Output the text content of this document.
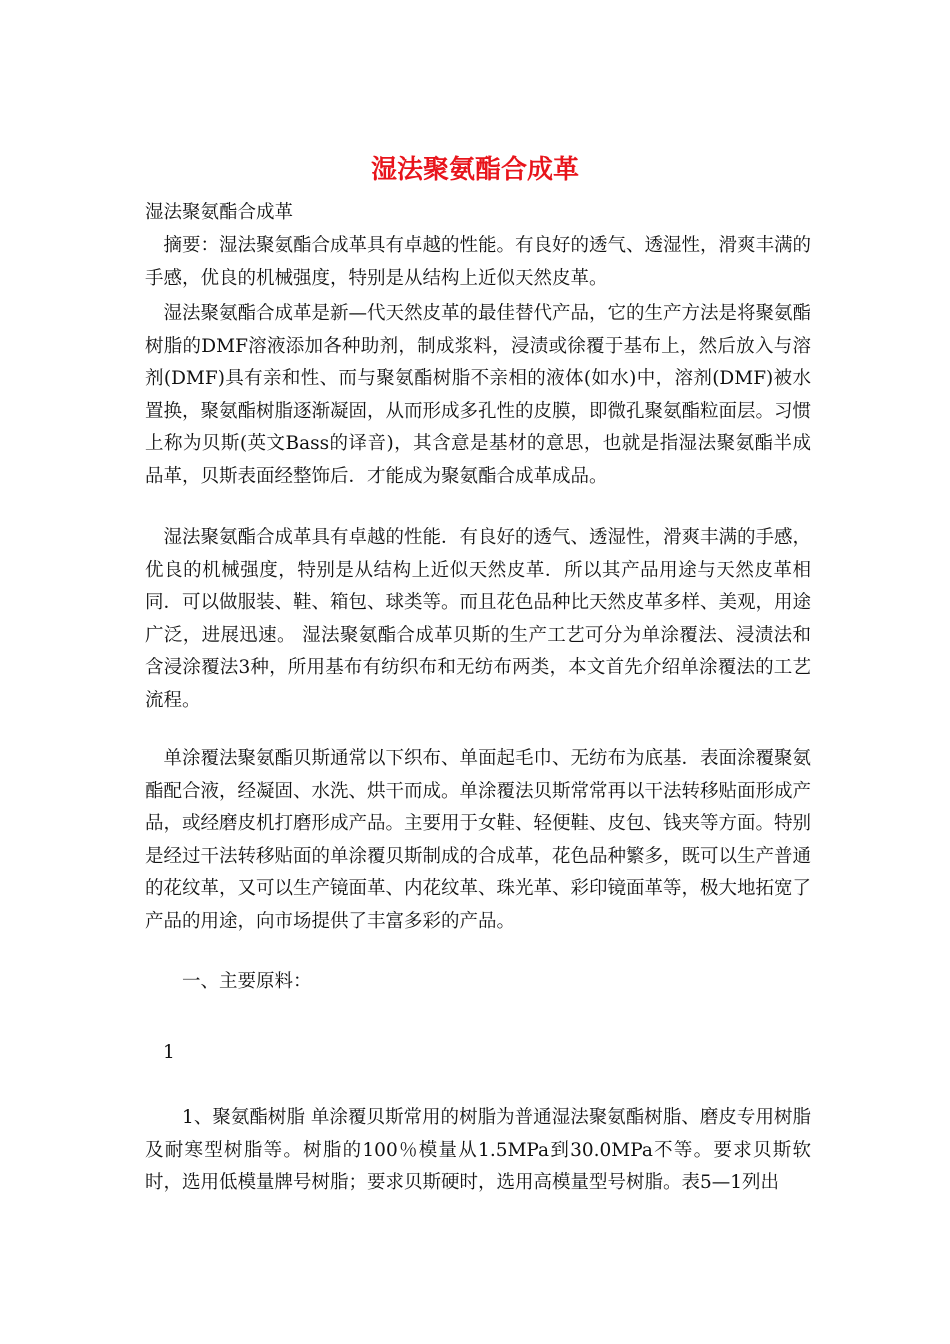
湿法聚氨酯合成革
湿法聚氨酯合成革

　摘要：湿法聚氨酯合成革具有卓越的性能。有良好的透气、透湿性，滑爽丰满的手感，优良的机械强度，特别是从结构上近似天然皮革。

　湿法聚氨酯合成革是新—代天然皮革的最佳替代产品，它的生产方法是将聚氨酯树脂的DMF溶液添加各种助剂，制成浆料，浸渍或徐覆于基布上，然后放入与溶剂(DMF)具有亲和性、而与聚氨酯树脂不亲相的液体(如水)中，溶剂(DMF)被水置换，聚氨酯树脂逐渐凝固，从而形成多孔性的皮膜，即微孔聚氨酯粒面层。习惯上称为贝斯(英文Bass的译音)，其含意是基材的意思，也就是指湿法聚氨酯半成品革，贝斯表面经整饰后．才能成为聚氨酯合成革成品。

　湿法聚氨酯合成革具有卓越的性能．有良好的透气、透湿性，滑爽丰满的手感，优良的机械强度，特别是从结构上近似天然皮革．所以其产品用途与天然皮革相同．可以做服装、鞋、箱包、球类等。而且花色品种比天然皮革多样、美观，用途广泛，进展迅速。 湿法聚氨酯合成革贝斯的生产工艺可分为单涂覆法、浸渍法和含浸涂覆法3种，所用基布有纺织布和无纺布两类，本文首先介绍单涂覆法的工艺流程。

　单涂覆法聚氨酯贝斯通常以下织布、单面起毛巾、无纺布为底基．表面涂覆聚氨酯配合液，经凝固、水洗、烘干而成。单涂覆法贝斯常常再以干法转移贴面形成产品，或经磨皮机打磨形成产品。主要用于女鞋、轻便鞋、皮包、钱夹等方面。特别是经过干法转移贴面的单涂覆贝斯制成的合成革，花色品种繁多，既可以生产普通的花纹革，又可以生产镜面革、内花纹革、珠光革、彩印镜面革等，极大地拓宽了产品的用途，向市场提供了丰富多彩的产品。

　　一、主要原料：

1

　　1、聚氨酯树脂 单涂覆贝斯常用的树脂为普通湿法聚氨酯树脂、磨皮专用树脂及耐寒型树脂等。树脂的100％模量从1.5MPa到30.0MPa不等。要求贝斯软时，选用低模量牌号树脂；要求贝斯硬时，选用高模量型号树脂。表5—1列出
